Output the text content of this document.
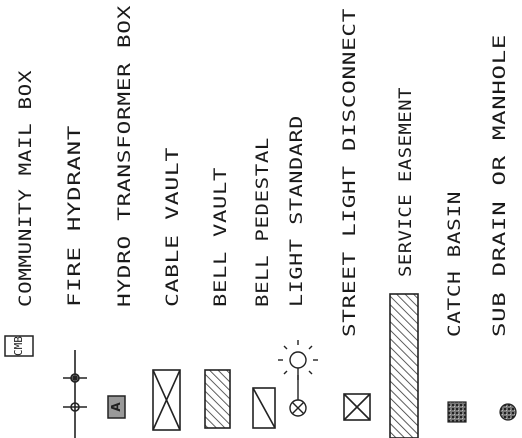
CMB
A
COMMUNITY MAIL BOX FIRE HYDRANT HYDRO TRANSFORMER BOX CABLE VAULT BELL VAULT BELL PEDESTAL LIGHT STANDARD STREET LIGHT DISCONNECT SERVICE EASEMENT
CATCH BASIN SUB DRAIN OR MANHOLE
